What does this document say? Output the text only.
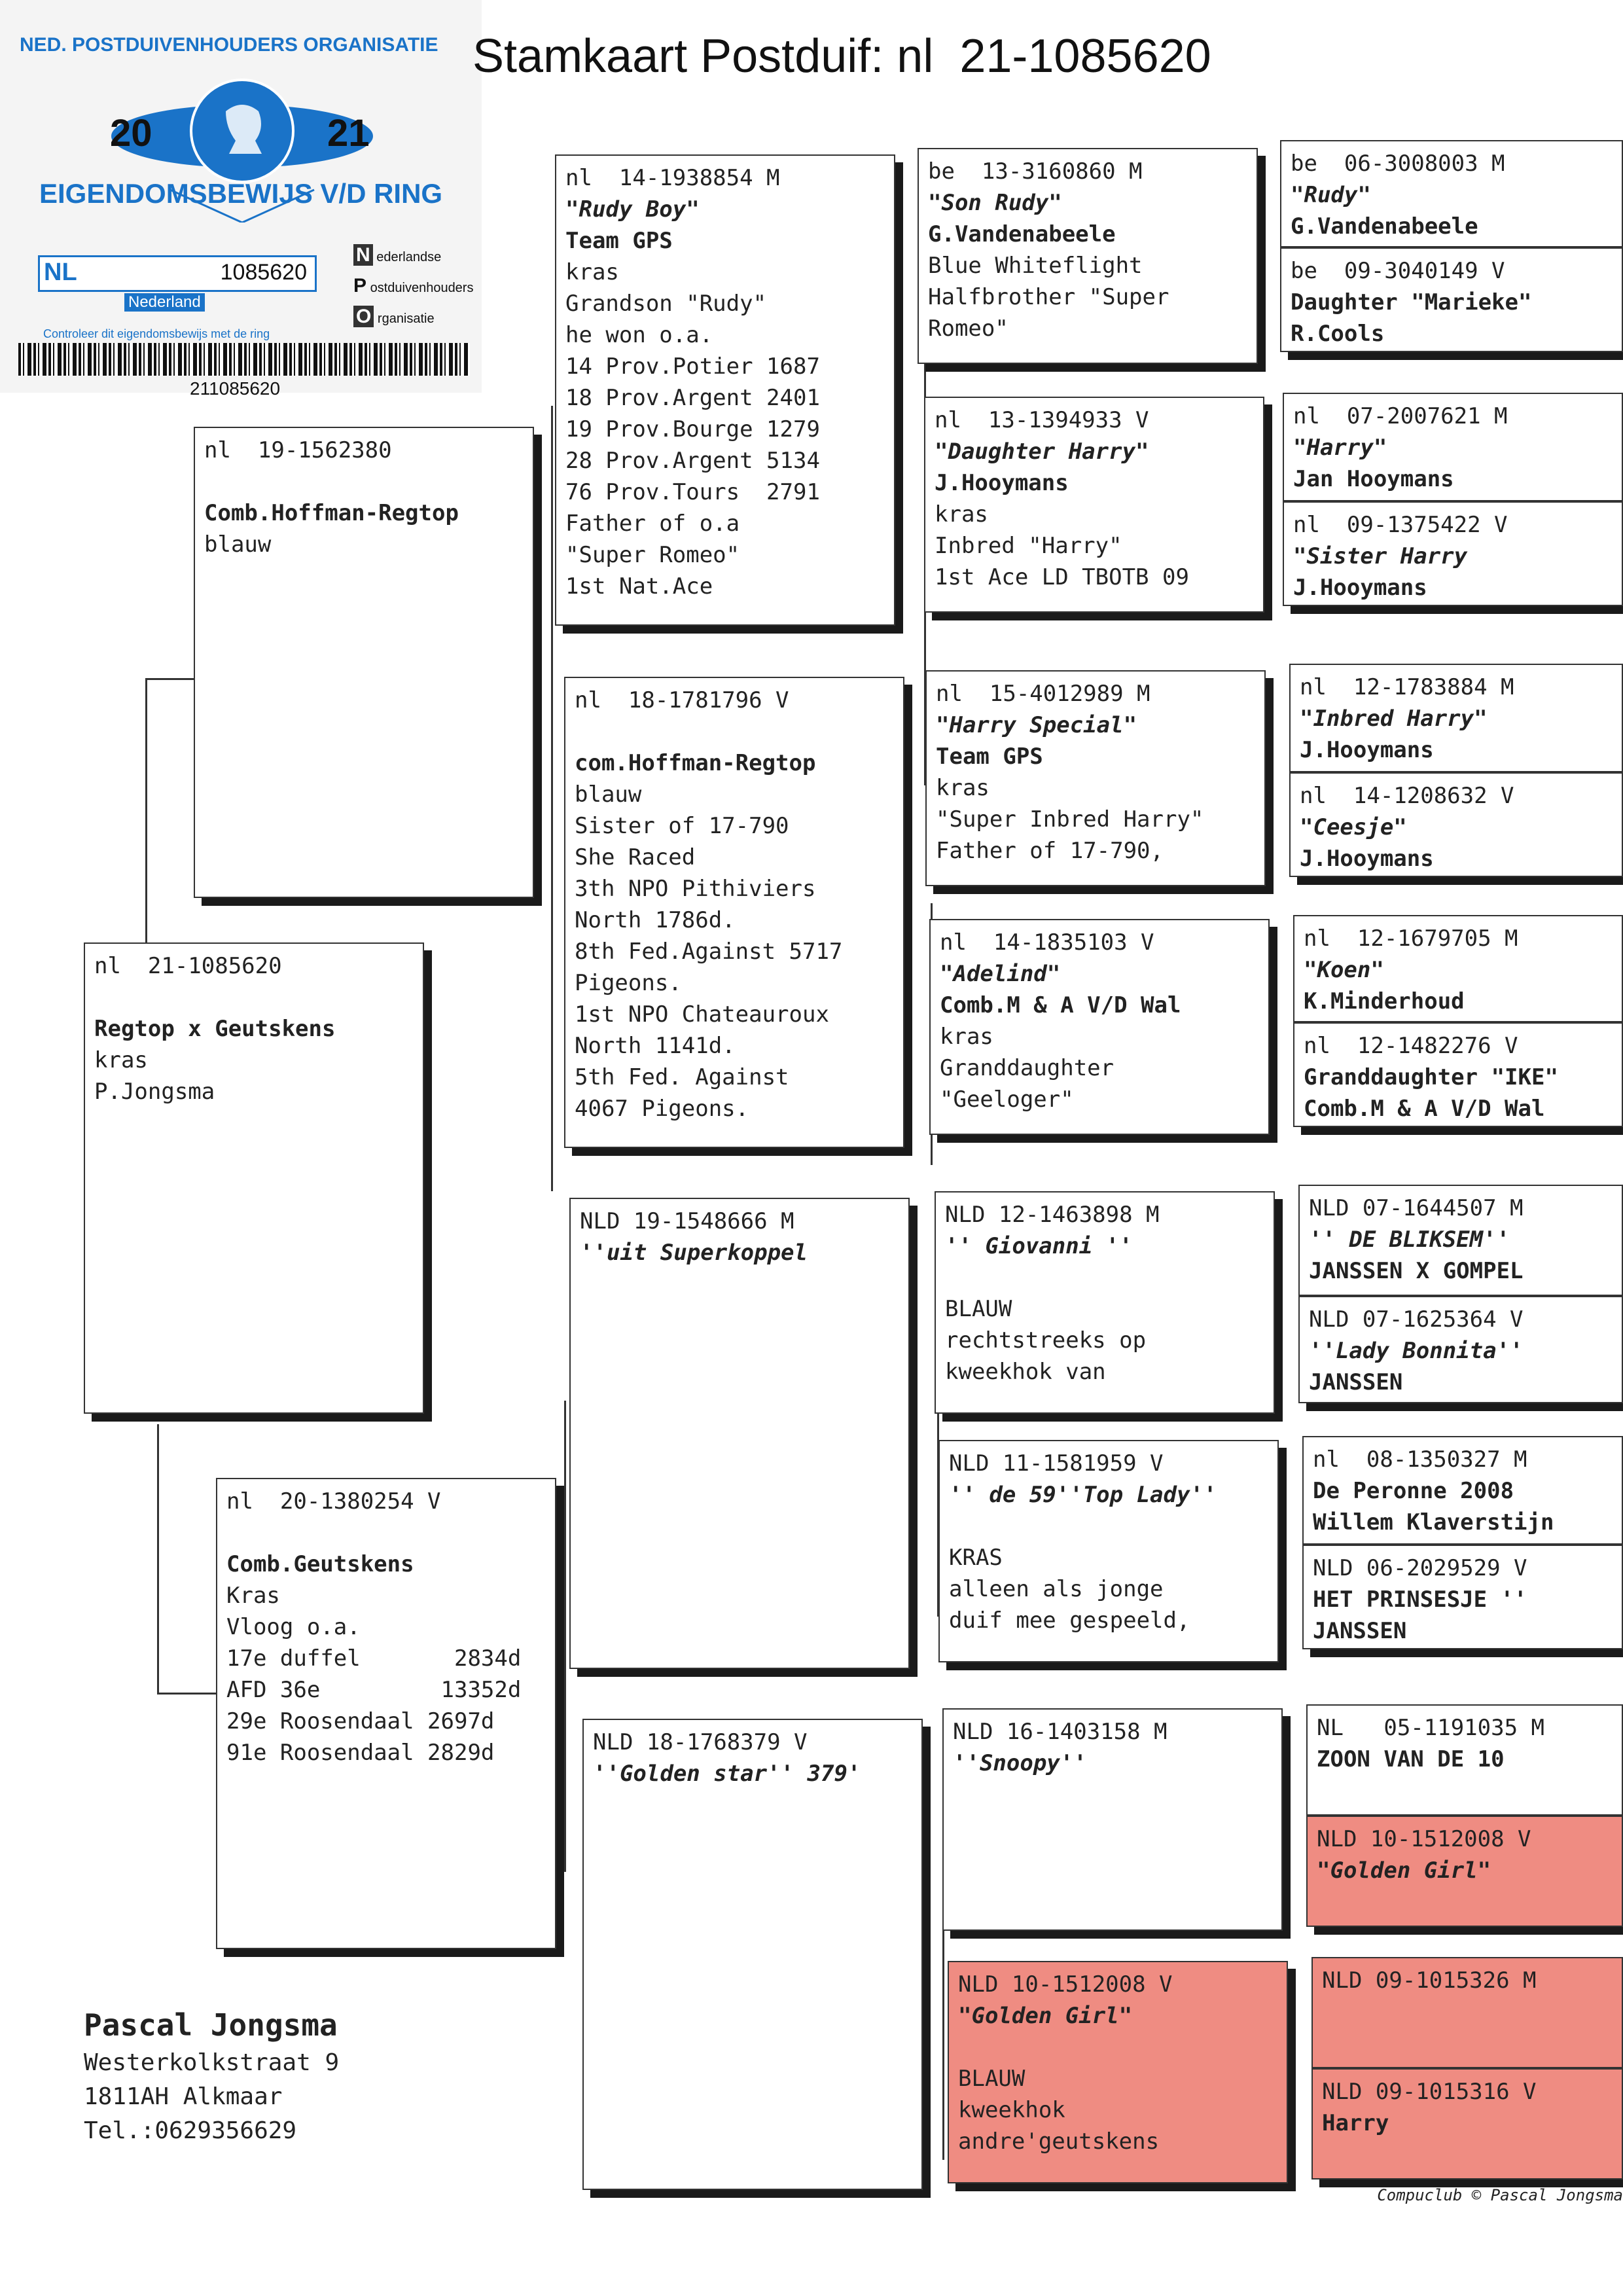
NED. POSTDUIVENHOUDERS ORGANISATIE
20	21
EIGENDOMSBEWIJS V/D RING
NL	1085620
Nederland
N ederlandse
P ostduivenhouders
O rganisatie
Controleer dit eigendomsbewijs met de ring
211085620
Stamkaart Postduif: nl  21-1085620
nl  21-1085620
Regtop x Geutskens
kras
P.Jongsma
nl  19-1562380
Comb.Hoffman-Regtop
blauw
nl  20-1380254 V
Comb.Geutskens
Kras
Vloog o.a.
17e duffel       2834d
AFD 36e         13352d
29e Roosendaal 2697d
91e Roosendaal 2829d
nl  14-1938854 M
"Rudy Boy"
Team GPS
kras
Grandson "Rudy"
he won o.a.
14 Prov.Potier 1687
18 Prov.Argent 2401
19 Prov.Bourge 1279
28 Prov.Argent 5134
76 Prov.Tours  2791
Father of o.a
"Super Romeo"
1st Nat.Ace
nl  18-1781796 V
com.Hoffman-Regtop
blauw
Sister of 17-790
She Raced
3th NPO Pithiviers
North 1786d.
8th Fed.Against 5717
Pigeons.
1st NPO Chateauroux
North 1141d.
5th Fed. Against
4067 Pigeons.
NLD 19-1548666 M
''uit Superkoppel
NLD 18-1768379 V
''Golden star'' 379'
be  13-3160860 M
"Son Rudy"
G.Vandenabeele
Blue Whiteflight
Halfbrother "Super
Romeo"
nl  13-1394933 V
"Daughter Harry"
J.Hooymans
kras
Inbred "Harry"
1st Ace LD TBOTB 09
nl  15-4012989 M
"Harry Special"
Team GPS
kras
"Super Inbred Harry"
Father of 17-790,
nl  14-1835103 V
"Adelind"
Comb.M & A V/D Wal
kras
Granddaughter
"Geeloger"
NLD 12-1463898 M
'' Giovanni ''
BLAUW
rechtstreeks op
kweekhok van
NLD 11-1581959 V
'' de 59''Top Lady''
KRAS
alleen als jonge
duif mee gespeeld,
NLD 16-1403158 M
''Snoopy''
NLD 10-1512008 V
"Golden Girl"
BLAUW
kweekhok
andre'geutskens
be  06-3008003 M
"Rudy"
G.Vandenabeele
be  09-3040149 V
Daughter "Marieke"
R.Cools
nl  07-2007621 M
"Harry"
Jan Hooymans
nl  09-1375422 V
"Sister Harry
J.Hooymans
nl  12-1783884 M
"Inbred Harry"
J.Hooymans
nl  14-1208632 V
"Ceesje"
J.Hooymans
nl  12-1679705 M
"Koen"
K.Minderhoud
nl  12-1482276 V
Granddaughter "IKE"
Comb.M & A V/D Wal
NLD 07-1644507 M
'' DE BLIKSEM''
JANSSEN X GOMPEL
NLD 07-1625364 V
''Lady Bonnita''
JANSSEN
nl  08-1350327 M
De Peronne 2008
Willem Klaverstijn
NLD 06-2029529 V
HET PRINSESJE ''
JANSSEN
NL   05-1191035 M
ZOON VAN DE 10
NLD 10-1512008 V
"Golden Girl"
NLD 09-1015326 M
NLD 09-1015316 V
Harry
Pascal Jongsma
Westerkolkstraat 9
1811AH Alkmaar
Tel.:0629356629
Compuclub © Pascal Jongsma
